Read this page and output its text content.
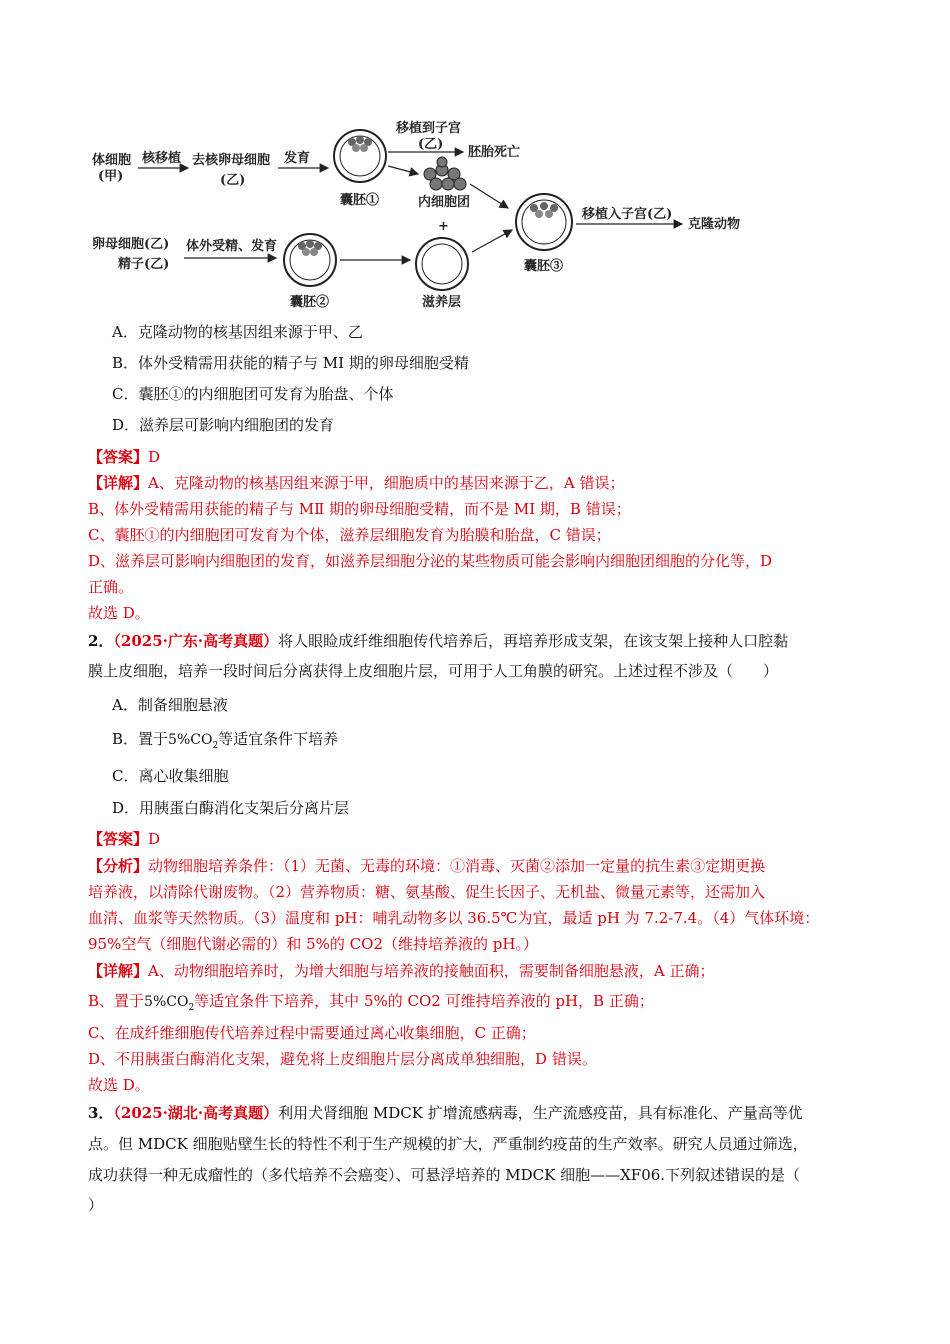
体细胞
(甲)
核移植 去核卵母细胞
(乙)
发育
囊胚①
移植到子宫
(乙)
胚胎死亡
内细胞团
+
卵母细胞(乙)
精子(乙)
体外受精、发育
囊胚②	滋养层
囊胚③
移植入子宫(乙)
克隆动物
A．克隆动物的核基因组来源于甲、乙
B．体外受精需用获能的精子与 MI 期的卵母细胞受精
C．囊胚①的内细胞团可发育为胎盘、个体
D．滋养层可影响内细胞团的发育
【答案】D
【详解】A、克隆动物的核基因组来源于甲，细胞质中的基因来源于乙，A 错误；
B、体外受精需用获能的精子与 MⅡ 期的卵母细胞受精，而不是 MI 期，B 错误；
C、囊胚①的内细胞团可发育为个体，滋养层细胞发育为胎膜和胎盘，C 错误；
D、滋养层可影响内细胞团的发育，如滋养层细胞分泌的某些物质可能会影响内细胞团细胞的分化等，D
正确。
故选 D。
2．（2025·广东·高考真题）将人眼睑成纤维细胞传代培养后，再培养形成支架，在该支架上接种人口腔黏
膜上皮细胞，培养一段时间后分离获得上皮细胞片层，可用于人工角膜的研究。上述过程不涉及（　　）
A．制备细胞悬液
B．置于$5\%CO_2$等适宜条件下培养
C．离心收集细胞
D．用胰蛋白酶消化支架后分离片层
【答案】D
【分析】动物细胞培养条件：（1）无菌、无毒的环境：①消毒、灭菌②添加一定量的抗生素③定期更换
培养液，以清除代谢废物。（2）营养物质：糖、氨基酸、促生长因子、无机盐、微量元素等，还需加入
血清、血浆等天然物质。（3）温度和 pH：哺乳动物多以 36.5℃为宜，最适 pH 为 7.2-7.4。（4）气体环境：
95%空气（细胞代谢必需的）和 5%的 CO2（维持培养液的 pH。）
【详解】A、动物细胞培养时，为增大细胞与培养液的接触面积，需要制备细胞悬液，A 正确；
B、置于$5\%CO_2$等适宜条件下培养，其中 5%的 CO2 可维持培养液的 pH，B 正确；
C、在成纤维细胞传代培养过程中需要通过离心收集细胞，C 正确；
D、不用胰蛋白酶消化支架，避免将上皮细胞片层分离成单独细胞，D 错误。
故选 D。
3．（2025·湖北·高考真题）利用犬肾细胞 MDCK 扩增流感病毒，生产流感疫苗，具有标准化、产量高等优
点。但 MDCK 细胞贴壁生长的特性不利于生产规模的扩大，严重制约疫苗的生产效率。研究人员通过筛选，
成功获得一种无成瘤性的（多代培养不会癌变）、可悬浮培养的 MDCK 细胞——XF06.下列叙述错误的是（
）
